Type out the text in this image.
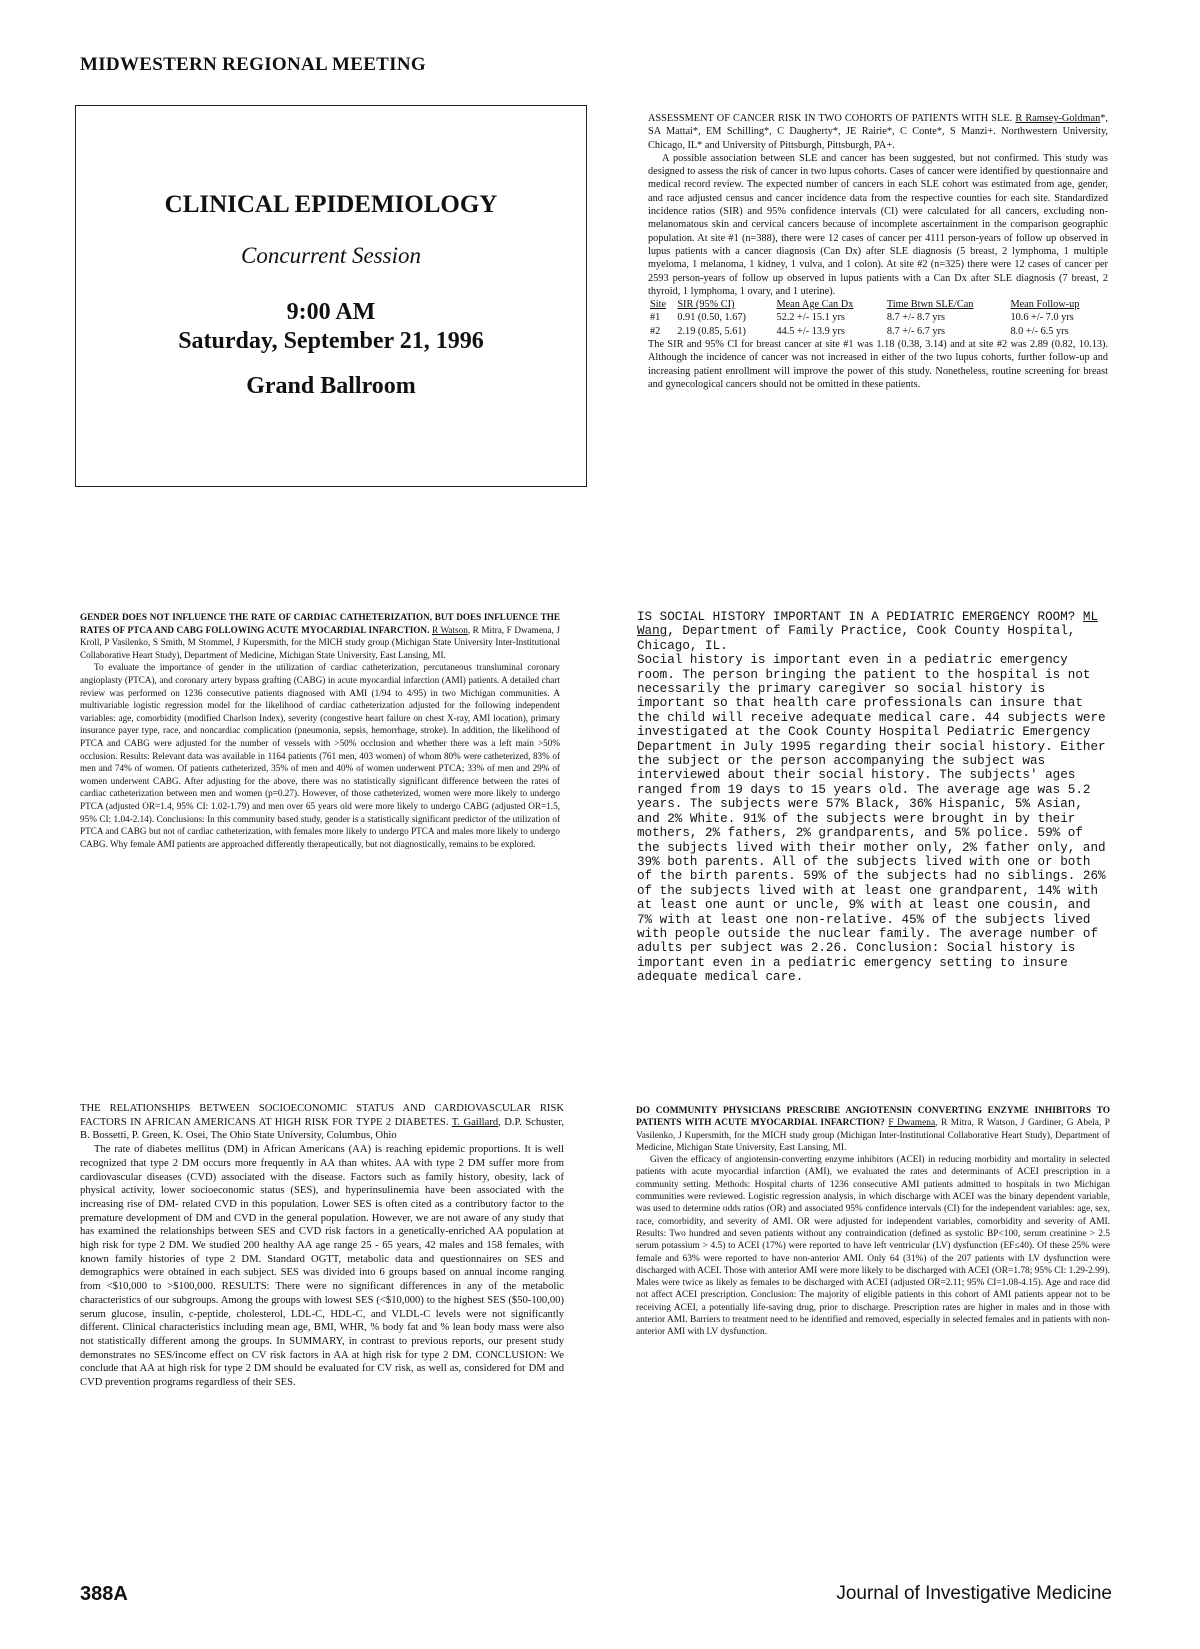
MIDWESTERN REGIONAL MEETING
CLINICAL EPIDEMIOLOGY
Concurrent Session
9:00 AM
Saturday, September 21, 1996
Grand Ballroom

ASSESSMENT OF CANCER RISK IN TWO COHORTS OF PATIENTS WITH SLE. R Ramsey-Goldman*, SA Mattai*, EM Schilling*, C Daugherty*, JE Rairie*, C Conte*, S Manzi+. Northwestern University, Chicago, IL* and University of Pittsburgh, Pittsburgh, PA+.

A possible association between SLE and cancer has been suggested, but not confirmed. This study was designed to assess the risk of cancer in two lupus cohorts. Cases of cancer were identified by questionnaire and medical record review. The expected number of cancers in each SLE cohort was estimated from age, gender, and race adjusted census and cancer incidence data from the respective counties for each site. Standardized incidence ratios (SIR) and 95% confidence intervals (CI) were calculated for all cancers, excluding non-melanomatous skin and cervical cancers because of incomplete ascertainment in the comparison geographic population. At site #1 (n=388), there were 12 cases of cancer per 4111 person-years of follow up observed in lupus patients with a cancer diagnosis (Can Dx) after SLE diagnosis (5 breast, 2 lymphoma, 1 multiple myeloma, 1 melanoma, 1 kidney, 1 vulva, and 1 colon). At site #2 (n=325) there were 12 cases of cancer per 2593 person-years of follow up observed in lupus patients with a Can Dx after SLE diagnosis (7 breast, 2 thyroid, 1 lymphoma, 1 ovary, and 1 uterine).

Site	SIR (95% CI)	Mean Age Can Dx	Time Btwn SLE/Can	Mean Follow-up
#1	0.91 (0.50, 1.67)	52.2 +/- 15.1 yrs	8.7 +/- 8.7 yrs	10.6 +/- 7.0 yrs
#2	2.19 (0.85, 5.61)	44.5 +/- 13.9 yrs	8.7 +/- 6.7 yrs	8.0 +/- 6.5 yrs

The SIR and 95% CI for breast cancer at site #1 was 1.18 (0.38, 3.14) and at site #2 was 2.89 (0.82, 10.13). Although the incidence of cancer was not increased in either of the two lupus cohorts, further follow-up and increasing patient enrollment will improve the power of this study. Nonetheless, routine screening for breast and gynecological cancers should not be omitted in these patients.

GENDER DOES NOT INFLUENCE THE RATE OF CARDIAC CATHETERIZATION, BUT DOES INFLUENCE THE RATES OF PTCA AND CABG FOLLOWING ACUTE MYOCARDIAL INFARCTION. R Watson, R Mitra, F Dwamena, J Kroll, P Vasilenko, S Smith, M Stommel, J Kupersmith, for the MICH study group (Michigan State University Inter-Institutional Collaborative Heart Study), Department of Medicine, Michigan State University, East Lansing, MI.

To evaluate the importance of gender in the utilization of cardiac catheterization, percutaneous transluminal coronary angioplasty (PTCA), and coronary artery bypass grafting (CABG) in acute myocardial infarction (AMI) patients. A detailed chart review was performed on 1236 consecutive patients diagnosed with AMI (1/94 to 4/95) in two Michigan communities. A multivariable logistic regression model for the likelihood of cardiac catheterization adjusted for the following independent variables: age, comorbidity (modified Charlson Index), severity (congestive heart failure on chest X-ray, AMI location), primary insurance payer type, race, and noncardiac complication (pneumonia, sepsis, hemorrhage, stroke). In addition, the likelihood of PTCA and CABG were adjusted for the number of vessels with >50% occlusion and whether there was a left main >50% occlusion. Results: Relevant data was available in 1164 patients (761 men, 403 women) of whom 80% were catheterized, 83% of men and 74% of women. Of patients catheterized, 35% of men and 40% of women underwent PTCA; 33% of men and 29% of women underwent CABG. After adjusting for the above, there was no statistically significant difference between the rates of cardiac catheterization between men and women (p=0.27). However, of those catheterized, women were more likely to undergo PTCA (adjusted OR=1.4, 95% CI: 1.02-1.79) and men over 65 years old were more likely to undergo CABG (adjusted OR=1.5, 95% CI: 1.04-2.14). Conclusions: In this community based study, gender is a statistically significant predictor of the utilization of PTCA and CABG but not of cardiac catheterization, with females more likely to undergo PTCA and males more likely to undergo CABG. Why female AMI patients are approached differently therapeutically, but not diagnostically, remains to be explored.

IS SOCIAL HISTORY IMPORTANT IN A PEDIATRIC EMERGENCY ROOM? ML Wang, Department of Family Practice, Cook County Hospital, Chicago, IL.

Social history is important even in a pediatric emergency room. The person bringing the patient to the hospital is not necessarily the primary caregiver so social history is important so that health care professionals can insure that the child will receive adequate medical care. 44 subjects were investigated at the Cook County Hospital Pediatric Emergency Department in July 1995 regarding their social history. Either the subject or the person accompanying the subject was interviewed about their social history. The subjects' ages ranged from 19 days to 15 years old. The average age was 5.2 years. The subjects were 57% Black, 36% Hispanic, 5% Asian, and 2% White. 91% of the subjects were brought in by their mothers, 2% fathers, 2% grandparents, and 5% police. 59% of the subjects lived with their mother only, 2% father only, and 39% both parents. All of the subjects lived with one or both of the birth parents. 59% of the subjects had no siblings. 26% of the subjects lived with at least one grandparent, 14% with at least one aunt or uncle, 9% with at least one cousin, and 7% with at least one non-relative. 45% of the subjects lived with people outside the nuclear family. The average number of adults per subject was 2.26. Conclusion: Social history is important even in a pediatric emergency setting to insure adequate medical care.

THE RELATIONSHIPS BETWEEN SOCIOECONOMIC STATUS AND CARDIOVASCULAR RISK FACTORS IN AFRICAN AMERICANS AT HIGH RISK FOR TYPE 2 DIABETES. T. Gaillard, D.P. Schuster, B. Bossetti, P. Green, K. Osei, The Ohio State University, Columbus, Ohio

The rate of diabetes mellitus (DM) in African Americans (AA) is reaching epidemic proportions. It is well recognized that type 2 DM occurs more frequently in AA than whites. AA with type 2 DM suffer more from cardiovascular diseases (CVD) associated with the disease. Factors such as family history, obesity, lack of physical activity, lower socioeconomic status (SES), and hyperinsulinemia have been associated with the increasing rise of DM- related CVD in this population. Lower SES is often cited as a contributory factor to the premature development of DM and CVD in the general population. However, we are not aware of any study that has examined the relationships between SES and CVD risk factors in a genetically-enriched AA population at high risk for type 2 DM. We studied 200 healthy AA age range 25 - 65 years, 42 males and 158 females, with known family histories of type 2 DM. Standard OGTT, metabolic data and questionnaires on SES and demographics were obtained in each subject. SES was divided into 6 groups based on annual income ranging from <$10,000 to >$100,000. RESULTS: There were no significant differences in any of the metabolic characteristics of our subgroups. Among the groups with lowest SES (<$10,000) to the highest SES ($50-100,00) serum glucose, insulin, c-peptide, cholesterol, LDL-C, HDL-C, and VLDL-C levels were not significantly different. Clinical characteristics including mean age, BMI, WHR, % body fat and % lean body mass were also not statistically different among the groups. In SUMMARY, in contrast to previous reports, our present study demonstrates no SES/income effect on CV risk factors in AA at high risk for type 2 DM. CONCLUSION: We conclude that AA at high risk for type 2 DM should be evaluated for CV risk, as well as, considered for DM and CVD prevention programs regardless of their SES.

DO COMMUNITY PHYSICIANS PRESCRIBE ANGIOTENSIN CONVERTING ENZYME INHIBITORS TO PATIENTS WITH ACUTE MYOCARDIAL INFARCTION? F Dwamena, R Mitra, R Watson, J Gardiner, G Abela, P Vasilenko, J Kupersmith, for the MICH study group (Michigan Inter-Institutional Collaborative Heart Study), Department of Medicine, Michigan State University, East Lansing, MI.

Given the efficacy of angiotensin-converting enzyme inhibitors (ACEI) in reducing morbidity and mortality in selected patients with acute myocardial infarction (AMI), we evaluated the rates and determinants of ACEI prescription in a community setting. Methods: Hospital charts of 1236 consecutive AMI patients admitted to hospitals in two Michigan communities were reviewed. Logistic regression analysis, in which discharge with ACEI was the binary dependent variable, was used to determine odds ratios (OR) and associated 95% confidence intervals (CI) for the independent variables: age, sex, race, comorbidity, and severity of AMI. OR were adjusted for independent variables, comorbidity and severity of AMI. Results: Two hundred and seven patients without any contraindication (defined as systolic BP<100, serum creatinine > 2.5 serum potassium > 4.5) to ACEI (17%) were reported to have left ventricular (LV) dysfunction (EF≤40). Of these 25% were female and 63% were reported to have non-anterior AMI. Only 64 (31%) of the 207 patients with LV dysfunction were discharged with ACEI. Those with anterior AMI were more likely to be discharged with ACEI (OR=1.78; 95% CI: 1.29-2.99). Males were twice as likely as females to be discharged with ACEI (adjusted OR=2.11; 95% CI=1.08-4.15). Age and race did not affect ACEI prescription. Conclusion: The majority of eligible patients in this cohort of AMI patients appear not to be receiving ACEI, a potentially life-saving drug, prior to discharge. Prescription rates are higher in males and in those with anterior AMI. Barriers to treatment need to be identified and removed, especially in selected females and in patients with non-anterior AMI with LV dysfunction.

388A	Journal of Investigative Medicine
